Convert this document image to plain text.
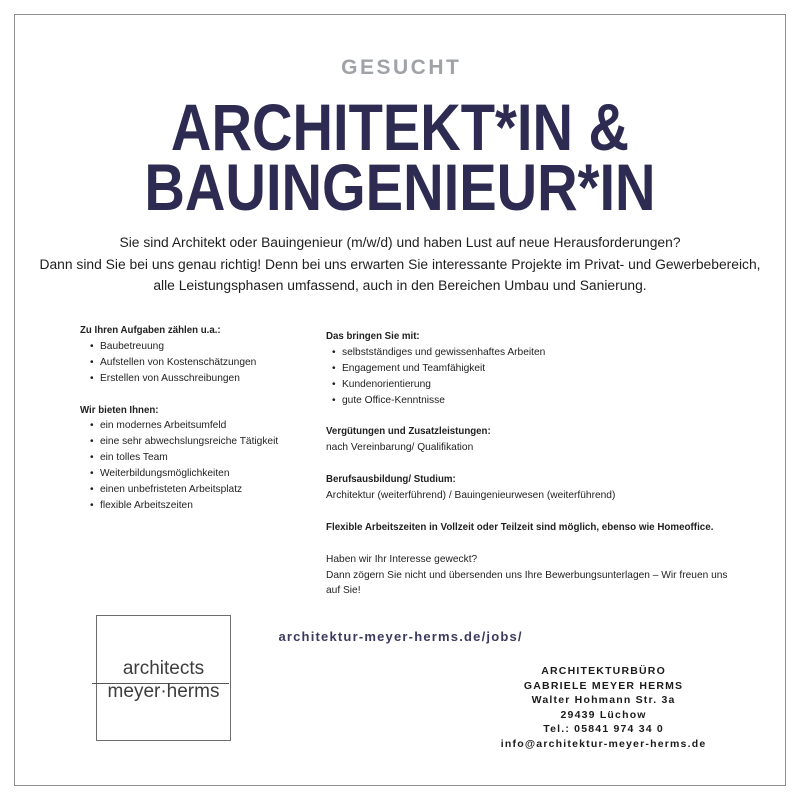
GESUCHT
ARCHITEKT*IN &
BAUINGENIEUR*IN
Sie sind Architekt oder Bauingenieur (m/w/d) und haben Lust auf neue Herausforderungen?
Dann sind Sie bei uns genau richtig! Denn bei uns erwarten Sie interessante Projekte im Privat- und Gewerbebereich,
alle Leistungsphasen umfassend, auch in den Bereichen Umbau und Sanierung.
Zu Ihren Aufgaben zählen u.a.:
• Baubetreuung
• Aufstellen von Kostenschätzungen
• Erstellen von Ausschreibungen
Wir bieten Ihnen:
• ein modernes Arbeitsumfeld
• eine sehr abwechslungsreiche Tätigkeit
• ein tolles Team
• Weiterbildungsmöglichkeiten
• einen unbefristeten Arbeitsplatz
• flexible Arbeitszeiten
Das bringen Sie mit:
• selbstständiges und gewissenhaftes Arbeiten
• Engagement und Teamfähigkeit
• Kundenorientierung
• gute Office-Kenntnisse
Vergütungen und Zusatzleistungen:
nach Vereinbarung/ Qualifikation
Berufsausbildung/ Studium:
Architektur (weiterführend) / Bauingenieurwesen (weiterführend)
Flexible Arbeitszeiten in Vollzeit oder Teilzeit sind möglich, ebenso wie Homeoffice.
Haben wir Ihr Interesse geweckt?
Dann zögern Sie nicht und übersenden uns Ihre Bewerbungsunterlagen – Wir freuen uns
auf Sie!
architects
meyer·herms
architektur-meyer-herms.de/jobs/
ARCHITEKTURBÜRO
GABRIELE MEYER HERMS
Walter Hohmann Str. 3a
29439 Lüchow
Tel.: 05841 974 34 0
info@architektur-meyer-herms.de
